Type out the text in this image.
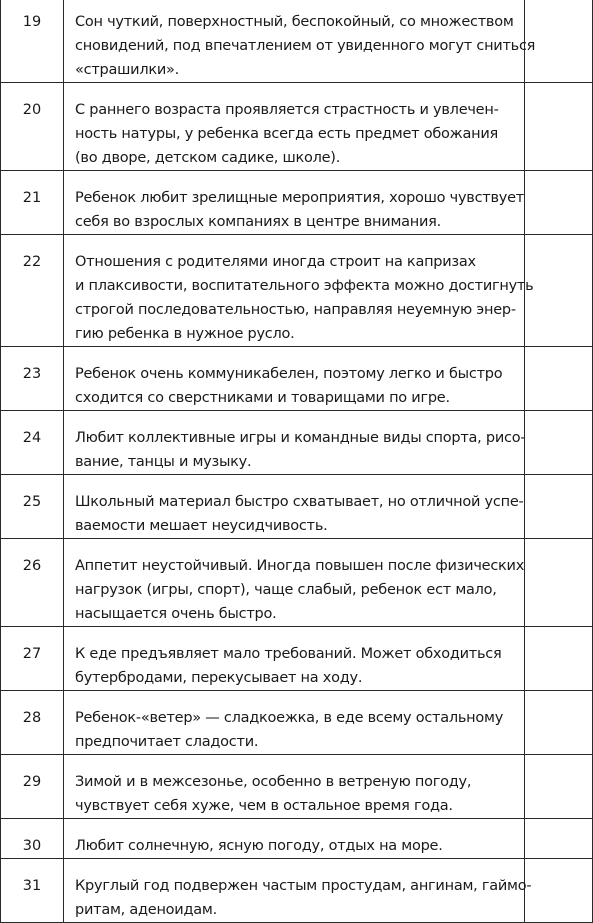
19	Сон чуткий, поверхностный, беспокойный, со множеством
сновидений, под впечатлением от увиденного могут сниться
«страшилки».	

20	С раннего возраста проявляется страстность и увлечен-
ность натуры, у ребенка всегда есть предмет обожания
(во дворе, детском садике, школе).	

21	Ребенок любит зрелищные мероприятия, хорошо чувствует
себя во взрослых компаниях в центре внимания.	

22	Отношения с родителями иногда строит на капризах
и плаксивости, воспитательного эффекта можно достигнуть
строгой последовательностью, направляя неуемную энер-
гию ребенка в нужное русло.	

23	Ребенок очень коммуникабелен, поэтому легко и быстро
сходится со сверстниками и товарищами по игре.	

24	Любит коллективные игры и командные виды спорта, рисо-
вание, танцы и музыку.	

25	Школьный материал быстро схватывает, но отличной успе-
ваемости мешает неусидчивость.	

26	Аппетит неустойчивый. Иногда повышен после физических
нагрузок (игры, спорт), чаще слабый, ребенок ест мало,
насыщается очень быстро.	

27	К еде предъявляет мало требований. Может обходиться
бутербродами, перекусывает на ходу.	

28	Ребенок-«ветер» — сладкоежка, в еде всему остальному
предпочитает сладости.	

29	Зимой и в межсезонье, особенно в ветреную погоду,
чувствует себя хуже, чем в остальное время года.	

30	Любит солнечную, ясную погоду, отдых на море.	

31	Круглый год подвержен частым простудам, ангинам, гаймо-
ритам, аденоидам.	
